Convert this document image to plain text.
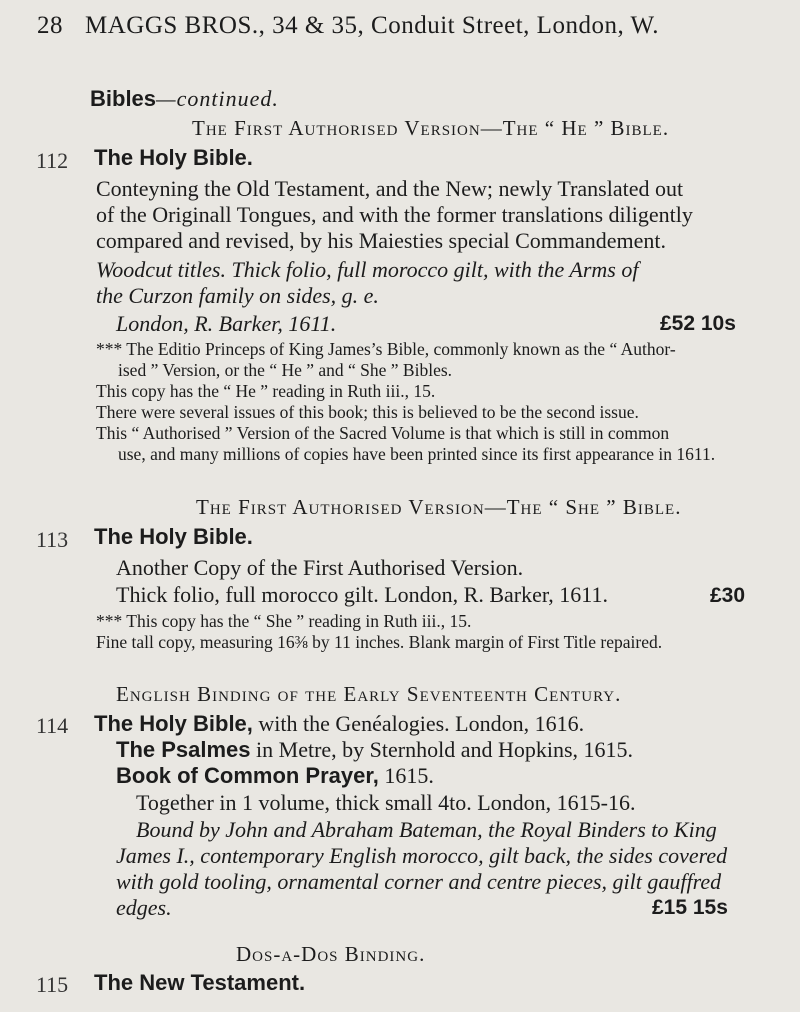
28 MAGGS BROS., 34 & 35, Conduit Street, London, W.
Bibles—continued.
The First Authorised Version—The “ He ” Bible.
112 The Holy Bible.
Conteyning the Old Testament, and the New; newly Translated out
of the Originall Tongues, and with the former translations diligently
compared and revised, by his Maiesties special Commandement.
Woodcut titles. Thick folio, full morocco gilt, with the Arms of
the Curzon family on sides, g. e.
London, R. Barker, 1611.	£52 10s
*** The Editio Princeps of King James’s Bible, commonly known as the “ Author-
ised ” Version, or the “ He ” and “ She ” Bibles.
This copy has the “ He ” reading in Ruth iii., 15.
There were several issues of this book; this is believed to be the second issue.
This “ Authorised ” Version of the Sacred Volume is that which is still in common
use, and many millions of copies have been printed since its first appearance in 1611.
The First Authorised Version—The “ She ” Bible.
113 The Holy Bible.
Another Copy of the First Authorised Version.
Thick folio, full morocco gilt. London, R. Barker, 1611.	£30
*** This copy has the “ She ” reading in Ruth iii., 15.
Fine tall copy, measuring 16⅜ by 11 inches. Blank margin of First Title repaired.
English Binding of the Early Seventeenth Century.
114 The Holy Bible, with the Genéalogies. London, 1616.
The Psalmes in Metre, by Sternhold and Hopkins, 1615.
Book of Common Prayer, 1615.
Together in 1 volume, thick small 4to. London, 1615-16.
Bound by John and Abraham Bateman, the Royal Binders to King
James I., contemporary English morocco, gilt back, the sides covered
with gold tooling, ornamental corner and centre pieces, gilt gauffred
edges.	£15 15s
Dos-a-Dos Binding.
115 The New Testament.
